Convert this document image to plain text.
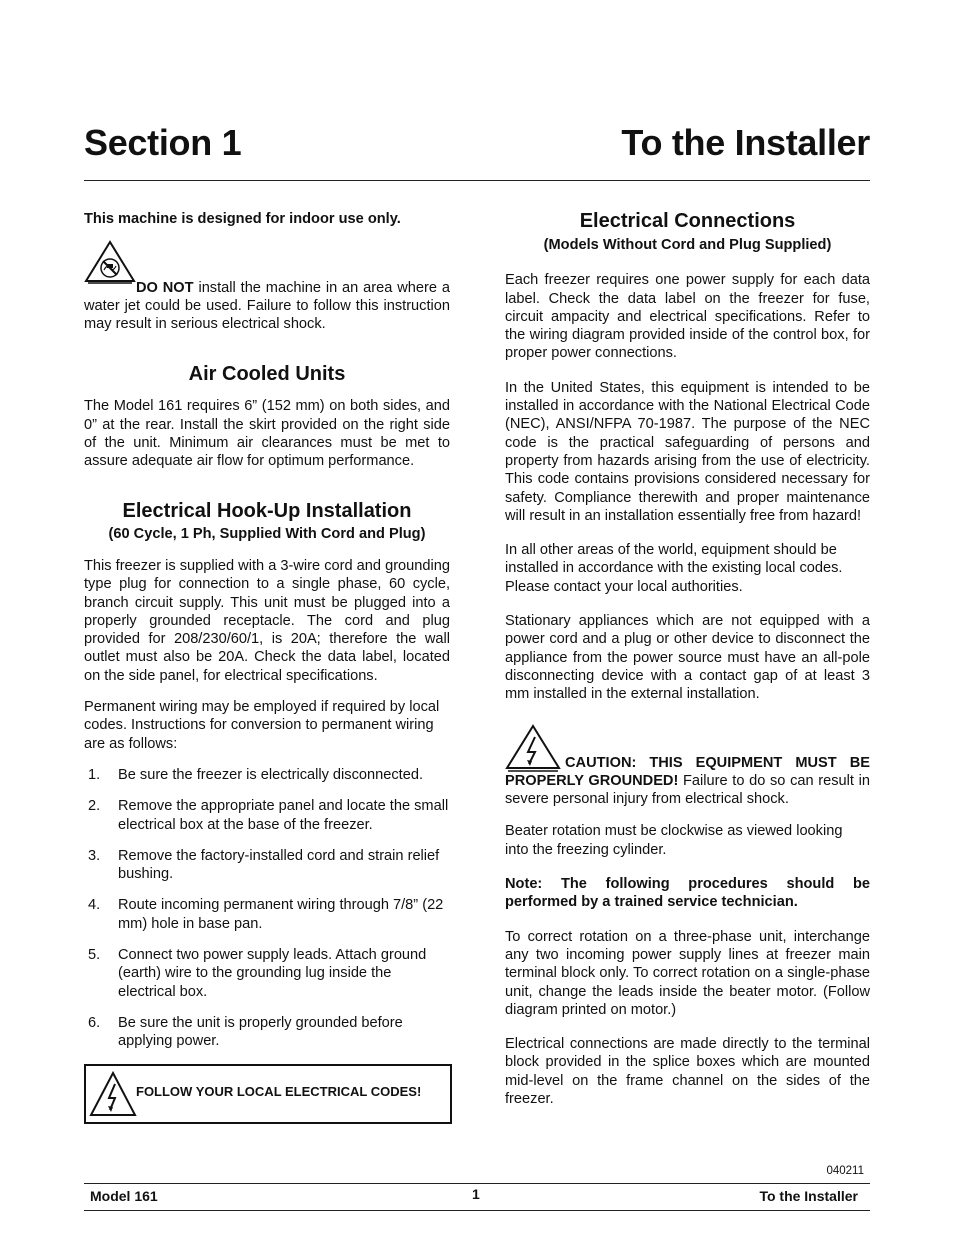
Section 1	To the Installer

This machine is designed for indoor use only.

DO NOT install the machine in an area where a water jet could be used. Failure to follow this instruction may result in serious electrical shock.

Air Cooled Units

The Model 161 requires 6” (152 mm) on both sides, and 0” at the rear. Install the skirt provided on the right side of the unit. Minimum air clearances must be met to assure adequate air flow for optimum performance.

Electrical Hook-Up Installation

(60 Cycle, 1 Ph, Supplied With Cord and Plug)

This freezer is supplied with a 3-wire cord and grounding type plug for connection to a single phase, 60 cycle, branch circuit supply. This unit must be plugged into a properly grounded receptacle. The cord and plug provided for 208/230/60/1, is 20A; therefore the wall outlet must also be 20A. Check the data label, located on the side panel, for electrical specifications.

Permanent wiring may be employed if required by local codes. Instructions for conversion to permanent wiring are as follows:

1. Be sure the freezer is electrically disconnected.
2. Remove the appropriate panel and locate the small electrical box at the base of the freezer.
3. Remove the factory-installed cord and strain relief bushing.
4. Route incoming permanent wiring through 7/8” (22 mm) hole in base pan.
5. Connect two power supply leads. Attach ground (earth) wire to the grounding lug inside the electrical box.
6. Be sure the unit is properly grounded before applying power.
FOLLOW YOUR LOCAL ELECTRICAL CODES!
Electrical Connections

(Models Without Cord and Plug Supplied)

Each freezer requires one power supply for each data label. Check the data label on the freezer for fuse, circuit ampacity and electrical specifications. Refer to the wiring diagram provided inside of the control box, for proper power connections.

In the United States, this equipment is intended to be installed in accordance with the National Electrical Code (NEC), ANSI/NFPA 70-1987. The purpose of the NEC code is the practical safeguarding of persons and property from hazards arising from the use of electricity. This code contains provisions considered necessary for safety. Compliance therewith and proper maintenance will result in an installation essentially free from hazard!

In all other areas of the world, equipment should be installed in accordance with the existing local codes. Please contact your local authorities.

Stationary appliances which are not equipped with a power cord and a plug or other device to disconnect the appliance from the power source must have an all-pole disconnecting device with a contact gap of at least 3 mm installed in the external installation.

CAUTION: THIS EQUIPMENT MUST BE PROPERLY GROUNDED! Failure to do so can result in severe personal injury from electrical shock.

Beater rotation must be clockwise as viewed looking into the freezing cylinder.

Note: The following procedures should be performed by a trained service technician.

To correct rotation on a three-phase unit, interchange any two incoming power supply lines at freezer main terminal block only. To correct rotation on a single-phase unit, change the leads inside the beater motor. (Follow diagram printed on motor.)

Electrical connections are made directly to the terminal block provided in the splice boxes which are mounted mid-level on the frame channel on the sides of the freezer.

040211
Model 161	1	To the Installer
